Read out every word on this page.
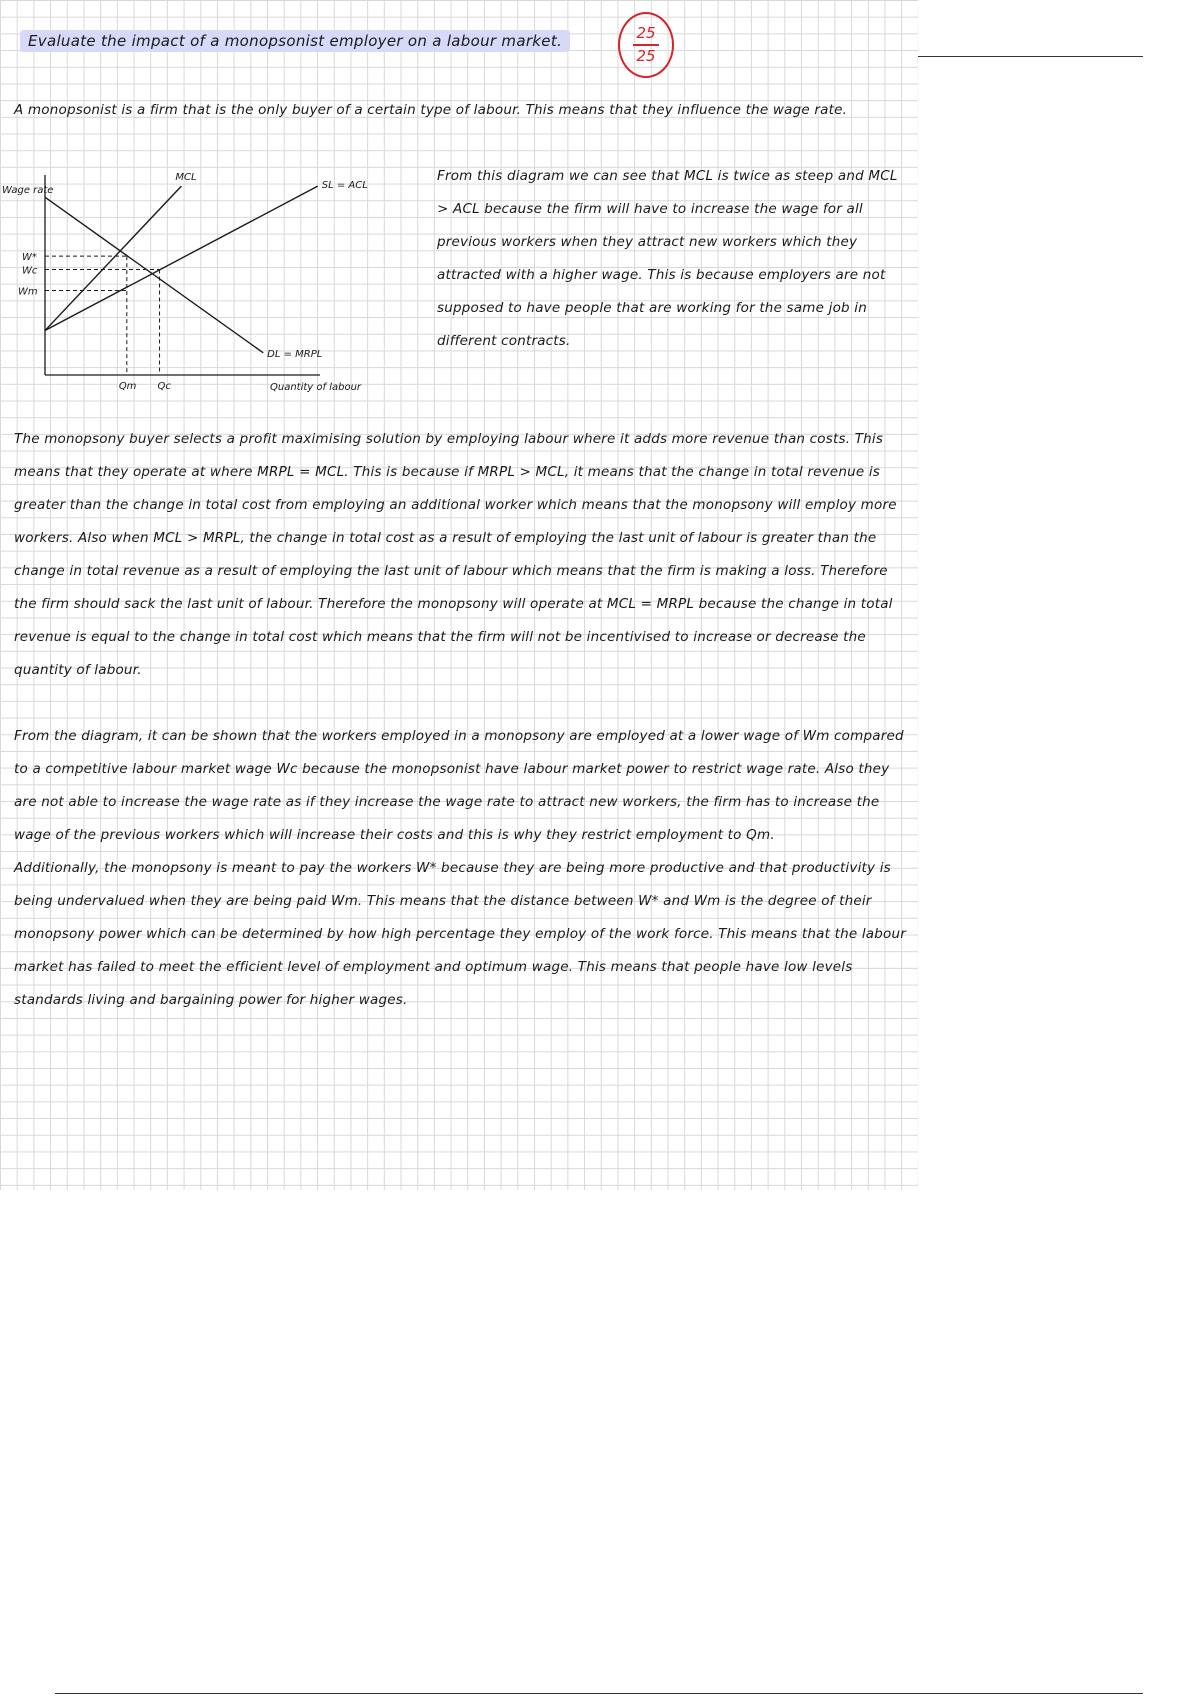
Evaluate the impact of a monopsonist employer on a labour market.	25
25
A monopsonist is a firm that is the only buyer of a certain type of labour. This means that they influence the wage rate.
Wage rate
Quantity of labour
MCL
SL = ACL
DL = MRPL
W*
Wc
Wm
Qm Qc
From this diagram we can see that MCL is twice as steep and MCL > ACL because the firm will have to increase the wage for all previous workers when they attract new workers which they attracted with a higher wage. This is because employers are not supposed to have people that are working for the same job in different contracts.
The monopsony buyer selects a profit maximising solution by employing labour where it adds more revenue than costs. This means that they operate at where MRPL = MCL. This is because if MRPL > MCL, it means that the change in total revenue is greater than the change in total cost from employing an additional worker which means that the monopsony will employ more workers. Also when MCL > MRPL, the change in total cost as a result of employing the last unit of labour is greater than the change in total revenue as a result of employing the last unit of labour which means that the firm is making a loss. Therefore the firm should sack the last unit of labour. Therefore the monopsony will operate at MCL = MRPL because the change in total revenue is equal to the change in total cost which means that the firm will not be incentivised to increase or decrease the quantity of labour.

From the diagram, it can be shown that the workers employed in a monopsony are employed at a lower wage of Wm compared to a competitive labour market wage Wc because the monopsonist have labour market power to restrict wage rate. Also they are not able to increase the wage rate as if they increase the wage rate to attract new workers, the firm has to increase the wage of the previous workers which will increase their costs and this is why they restrict employment to Qm.

Additionally, the monopsony is meant to pay the workers W* because they are being more productive and that productivity is being undervalued when they are being paid Wm. This means that the distance between W* and Wm is the degree of their monopsony power which can be determined by how high percentage they employ of the work force. This means that the labour market has failed to meet the efficient level of employment and optimum wage. This means that people have low levels standards living and bargaining power for higher wages.
